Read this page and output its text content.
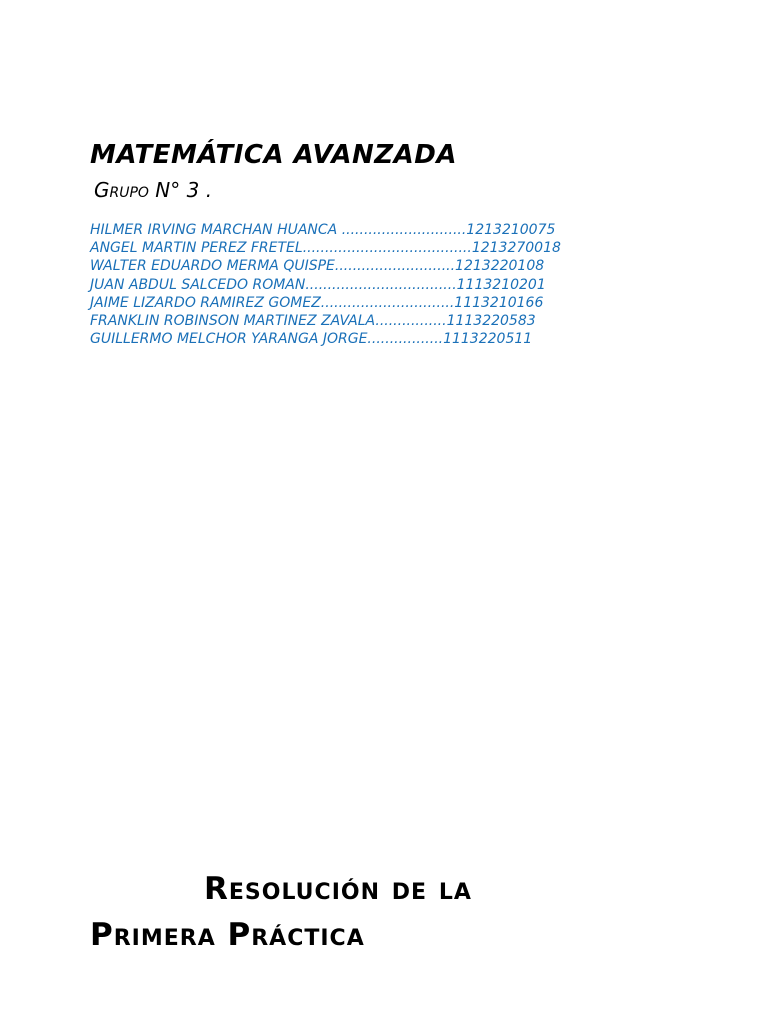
MATEMÁTICA AVANZADA
Grupo N° 3 .
HILMER IRVING MARCHAN HUANCA ............................1213210075
ANGEL MARTIN PEREZ FRETEL......................................1213270018
WALTER EDUARDO MERMA QUISPE...........................1213220108
JUAN ABDUL SALCEDO ROMAN..................................1113210201
JAIME LIZARDO RAMIREZ GOMEZ..............................1113210166
FRANKLIN ROBINSON MARTINEZ ZAVALA................1113220583
GUILLERMO MELCHOR YARANGA JORGE.................1113220511
Resolución de la
Primera Práctica
